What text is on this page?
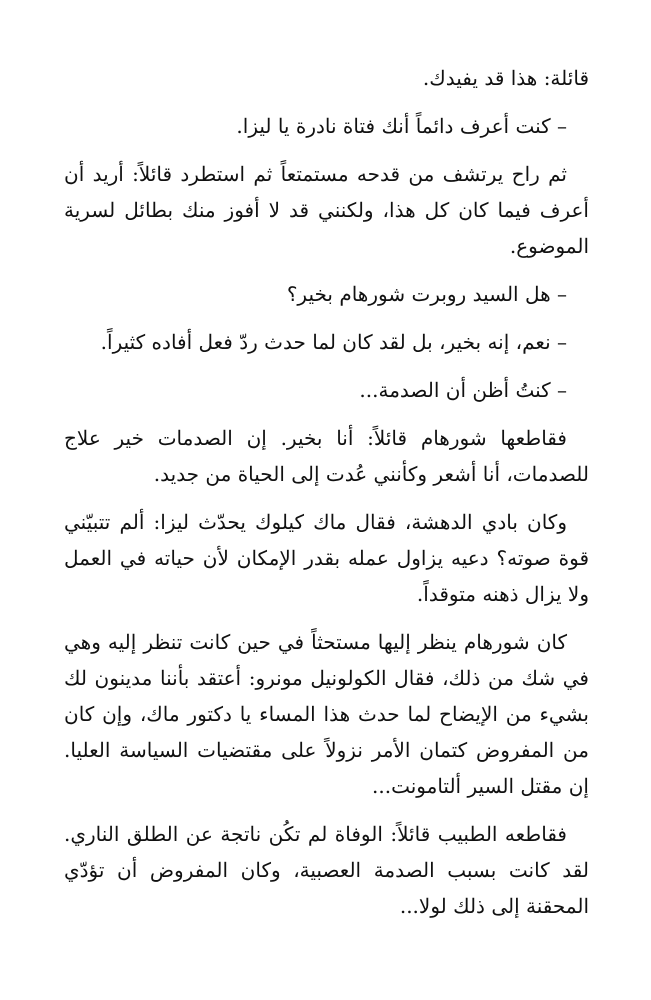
قائلة: هذا قد يفيدك.

– كنت أعرف دائماً أنك فتاة نادرة يا ليزا.

ثم راح يرتشف من قدحه مستمتعاً ثم استطرد قائلاً: أريد أن أعرف فيما كان كل هذا، ولكنني قد لا أفوز منك بطائل لسرية الموضوع.

– هل السيد روبرت شورهام بخير؟

– نعم، إنه بخير، بل لقد كان لما حدث ردّ فعل أفاده كثيراً.

– كنتُ أظن أن الصدمة...

فقاطعها شورهام قائلاً: أنا بخير. إن الصدمات خير علاج للصدمات، أنا أشعر وكأنني عُدت إلى الحياة من جديد.

وكان بادي الدهشة، فقال ماك كيلوك يحدّث ليزا: ألم تتبيّني قوة صوته؟ دعيه يزاول عمله بقدر الإمكان لأن حياته في العمل ولا يزال ذهنه متوقداً.

كان شورهام ينظر إليها مستحثاً في حين كانت تنظر إليه وهي في شك من ذلك، فقال الكولونيل مونرو: أعتقد بأننا مدينون لك بشيء من الإيضاح لما حدث هذا المساء يا دكتور ماك، وإن كان من المفروض كتمان الأمر نزولاً على مقتضيات السياسة العليا. إن مقتل السير ألتامونت...

فقاطعه الطبيب قائلاً: الوفاة لم تكُن ناتجة عن الطلق الناري. لقد كانت بسبب الصدمة العصبية، وكان المفروض أن تؤدّي المحقنة إلى ذلك لولا...
